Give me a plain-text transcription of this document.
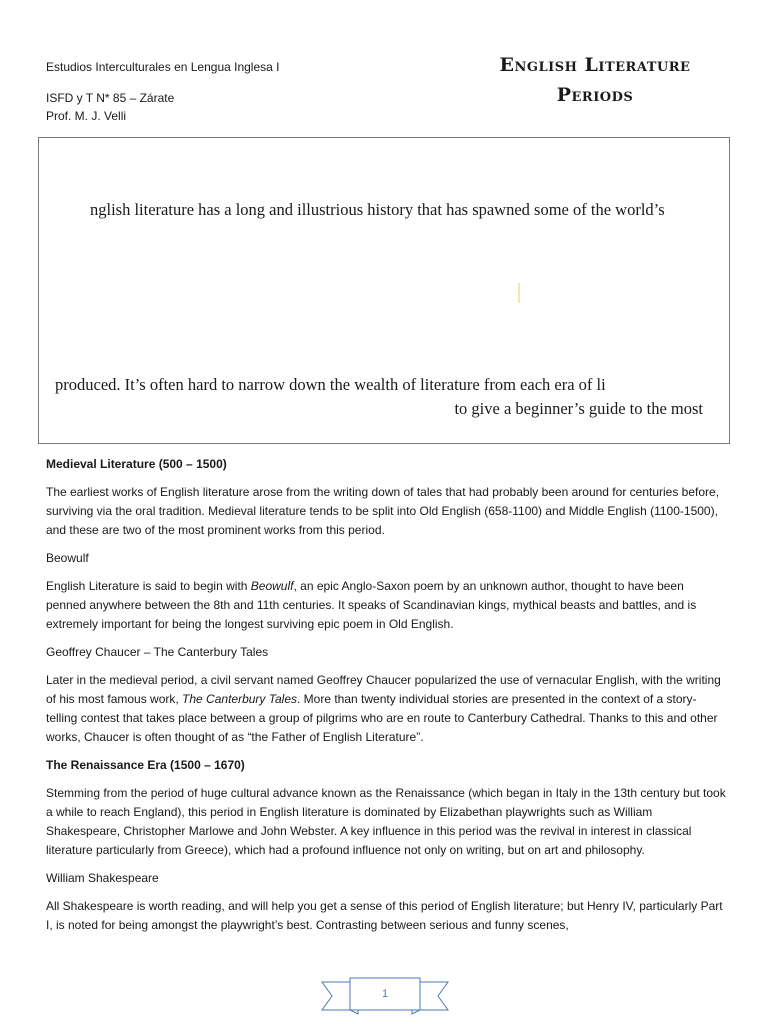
Estudios Interculturales en Lengua Inglesa I
ISFD y T N* 85 – Zárate
Prof. M. J. Velli
English Literature
Periods
nglish literature has a long and illustrious history that has spawned some of the world’s
produced. It’s often hard to narrow down the wealth of literature from each era of li
to give a beginner’s guide to the most

Medieval Literature (500 – 1500)

The earliest works of English literature arose from the writing down of tales that had probably been around for centuries before, surviving via the oral tradition. Medieval literature tends to be split into Old English (658-1100) and Middle English (1100-1500), and these are two of the most prominent works from this period.

Beowulf

English Literature is said to begin with Beowulf, an epic Anglo-Saxon poem by an unknown author, thought to have been penned anywhere between the 8th and 11th centuries. It speaks of Scandinavian kings, mythical beasts and battles, and is extremely important for being the longest surviving epic poem in Old English.

Geoffrey Chaucer – The Canterbury Tales

Later in the medieval period, a civil servant named Geoffrey Chaucer popularized the use of vernacular English, with the writing of his most famous work, The Canterbury Tales. More than twenty individual stories are presented in the context of a story-telling contest that takes place between a group of pilgrims who are en route to Canterbury Cathedral. Thanks to this and other works, Chaucer is often thought of as “the Father of English Literature”.

The Renaissance Era (1500 – 1670)

Stemming from the period of huge cultural advance known as the Renaissance (which began in Italy in the 13th century but took a while to reach England), this period in English literature is dominated by Elizabethan playwrights such as William Shakespeare, Christopher Marlowe and John Webster. A key influence in this period was the revival in interest in classical literature particularly from Greece), which had a profound influence not only on writing, but on art and philosophy.

William Shakespeare

All Shakespeare is worth reading, and will help you get a sense of this period of English literature; but Henry IV, particularly Part I, is noted for being amongst the playwright’s best. Contrasting between serious and funny scenes,

1
